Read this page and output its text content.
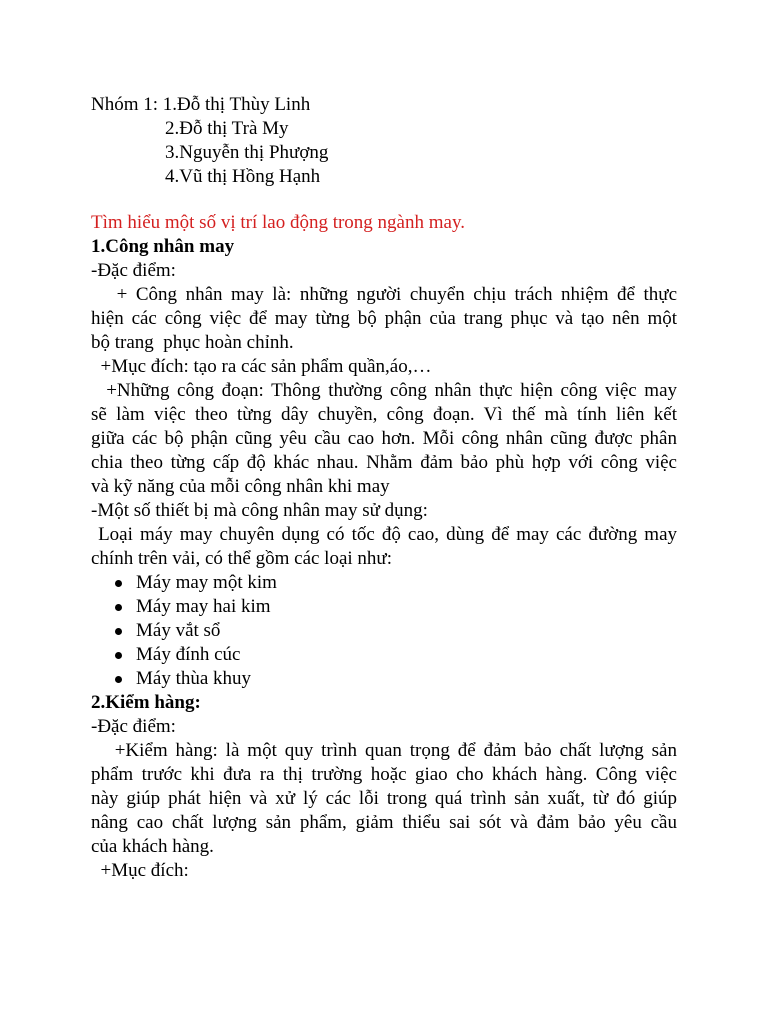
Nhóm 1: 1.Đỗ thị Thùy Linh
2.Đỗ thị Trà My
3.Nguyễn thị Phượng
4.Vũ thị Hồng Hạnh
Tìm hiểu một số vị trí lao động trong ngành may.
1.Công nhân may
-Đặc điểm:
+ Công nhân may là: những người chuyển chịu trách nhiệm để thực
hiện các công việc để may từng bộ phận của trang phục và tạo nên một
bộ trang  phục hoàn chỉnh.
+Mục đích: tạo ra các sản phẩm quần,áo,…
+Những công đoạn: Thông thường công nhân thực hiện công việc may
sẽ làm việc theo từng dây chuyền, công đoạn. Vì thế mà tính liên kết
giữa các bộ phận cũng yêu cầu cao hơn. Mỗi công nhân cũng được phân
chia theo từng cấp độ khác nhau. Nhằm đảm bảo phù hợp với công việc
và kỹ năng của mỗi công nhân khi may
-Một số thiết bị mà công nhân may sử dụng:
Loại máy may chuyên dụng có tốc độ cao, dùng để may các đường may
chính trên vải, có thể gồm các loại như:
Máy may một kim
Máy may hai kim
Máy vắt sổ
Máy đính cúc
Máy thùa khuy
2.Kiểm hàng:
-Đặc điểm:
+Kiểm hàng: là một quy trình quan trọng để đảm bảo chất lượng sản
phẩm trước khi đưa ra thị trường hoặc giao cho khách hàng. Công việc
này giúp phát hiện và xử lý các lỗi trong quá trình sản xuất, từ đó giúp
nâng cao chất lượng sản phẩm, giảm thiểu sai sót và đảm bảo yêu cầu
của khách hàng.
+Mục đích:
